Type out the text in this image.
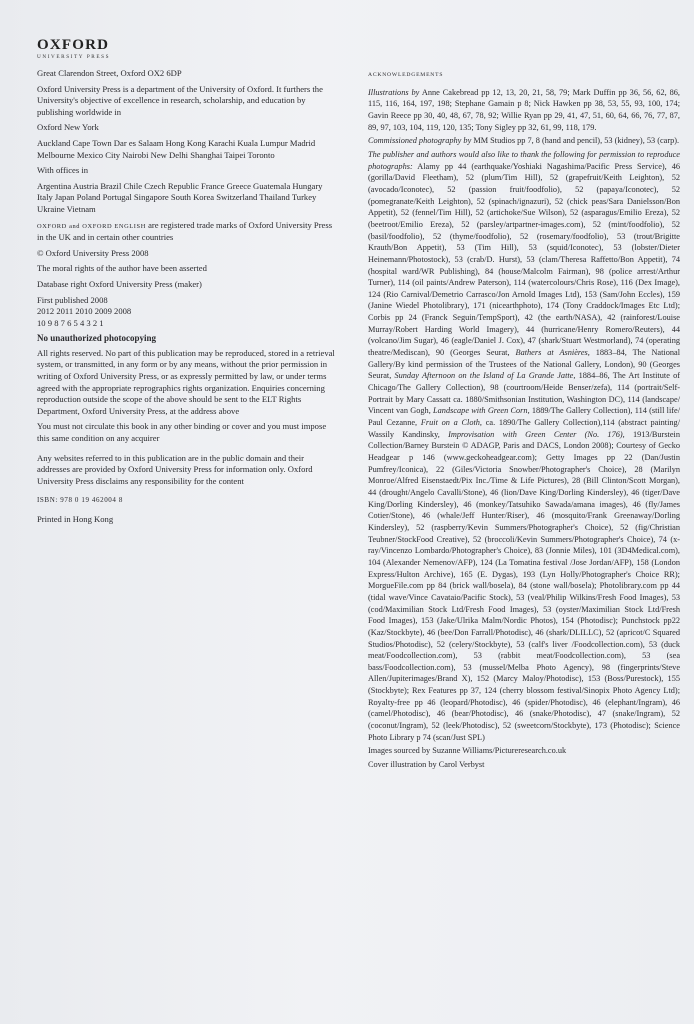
OXFORD
UNIVERSITY PRESS
Great Clarendon Street, Oxford OX2 6DP
Oxford University Press is a department of the University of Oxford. It furthers the University's objective of excellence in research, scholarship, and education by publishing worldwide in
Oxford New York
Auckland Cape Town Dar es Salaam Hong Kong Karachi Kuala Lumpur Madrid Melbourne Mexico City Nairobi New Delhi Shanghai Taipei Toronto
With offices in
Argentina Austria Brazil Chile Czech Republic France Greece Guatemala Hungary Italy Japan Poland Portugal Singapore South Korea Switzerland Thailand Turkey Ukraine Vietnam
OXFORD and OXFORD ENGLISH are registered trade marks of Oxford University Press in the UK and in certain other countries
© Oxford University Press 2008
The moral rights of the author have been asserted
Database right Oxford University Press (maker)
First published 2008
2012 2011 2010 2009 2008
10 9 8 7 6 5 4 3 2 1
No unauthorized photocopying
All rights reserved. No part of this publication may be reproduced, stored in a retrieval system, or transmitted, in any form or by any means, without the prior permission in writing of Oxford University Press, or as expressly permitted by law, or under terms agreed with the appropriate reprographics rights organization. Enquiries concerning reproduction outside the scope of the above should be sent to the ELT Rights Department, Oxford University Press, at the address above
You must not circulate this book in any other binding or cover and you must impose this same condition on any acquirer
Any websites referred to in this publication are in the public domain and their addresses are provided by Oxford University Press for information only. Oxford University Press disclaims any responsibility for the content
ISBN: 978 0 19 462004 8
Printed in Hong Kong
ACKNOWLEDGEMENTS
Illustrations by Anne Cakebread pp 12, 13, 20, 21, 58, 79; Mark Duffin pp 36, 56, 62, 86, 115, 116, 164, 197, 198; Stephane Gamain p 8; Nick Hawken pp 38, 53, 55, 93, 100, 174; Gavin Reece pp 30, 40, 48, 67, 78, 92; Willie Ryan pp 29, 41, 47, 51, 60, 64, 66, 76, 77, 87, 89, 97, 103, 104, 119, 120, 135; Tony Sigley pp 32, 61, 99, 118, 179.
Commissioned photography by MM Studios pp 7, 8 (hand and pencil), 53 (kidney), 53 (carp).
The publisher and authors would also like to thank the following for permission to reproduce photographs: Alamy pp 44 (earthquake/Yoshiaki Nagashima/Pacific Press Service), 46 (gorilla/David Fleetham), 52 (plum/Tim Hill), 52 (grapefruit/Keith Leighton), 52 (avocado/Iconotec), 52 (passion fruit/foodfolio), 52 (papaya/Iconotec), 52 (pomegranate/Keith Leighton), 52 (spinach/ignazuri), 52 (chick peas/Sara Danielsson/Bon Appetit), 52 (fennel/Tim Hill), 52 (artichoke/Sue Wilson), 52 (asparagus/Emilio Ereza), 52 (beetroot/Emilio Ereza), 52 (parsley/artpartner-images.com), 52 (mint/foodfolio), 52 (basil/foodfolio), 52 (thyme/foodfolio), 52 (rosemary/foodfolio), 53 (trout/Brigitte Krauth/Bon Appetit), 53 (Tim Hill), 53 (squid/Iconotec), 53 (lobster/Dieter Heinemann/Photostock), 53 (crab/D. Hurst), 53 (clam/Theresa Raffetto/Bon Appetit), 74 (hospital ward/WR Publishing), 84 (house/Malcolm Fairman), 98 (police arrest/Arthur Turner), 114 (oil paints/Andrew Paterson), 114 (watercolours/Chris Rose), 116 (Dex Image), 124 (Rio Carnival/Demetrio Carrasco/Jon Arnold Images Ltd), 153 (Sam/John Eccles), 159 (Janine Wiedel Photolibrary), 171 (nicearthphoto), 174 (Tony Craddock/Images Etc Ltd); Corbis pp 24 (Franck Seguin/TempSport), 42 (the earth/NASA), 42 (rainforest/Louise Murray/Robert Harding World Imagery), 44 (hurricane/Henry Romero/Reuters), 44 (volcano/Jim Sugar), 46 (eagle/Daniel J. Cox), 47 (shark/Stuart Westmorland), 74 (operating theatre/Mediscan), 90 (Georges Seurat, Bathers at Asnières, 1883–84, The National Gallery/By kind permission of the Trustees of the National Gallery, London), 90 (Georges Seurat, Sunday Afternoon on the Island of La Grande Jatte, 1884–86, The Art Institute of Chicago/The Gallery Collection), 98 (courtroom/Heide Benser/zefa), 114 (portrait/Self-Portrait by Mary Cassatt ca. 1880/Smithsonian Institution, Washington DC), 114 (landscape/ Vincent van Gogh, Landscape with Green Corn, 1889/The Gallery Collection), 114 (still life/ Paul Cezanne, Fruit on a Cloth, ca. 1890/The Gallery Collection),114 (abstract painting/ Wassily Kandinsky, Improvisation with Green Center (No. 176), 1913/Burstein Collection/Barney Burstein © ADAGP, Paris and DACS, London 2008); Courtesy of Gecko Headgear p 146 (www.geckoheadgear.com); Getty Images pp 22 (Dan/Justin Pumfrey/Iconica), 22 (Giles/Victoria Snowber/Photographer's Choice), 28 (Marilyn Monroe/Alfred Eisenstaedt/Pix Inc./Time & Life Pictures), 28 (Bill Clinton/Scott Morgan), 44 (drought/Angelo Cavalli/Stone), 46 (lion/Dave King/Dorling Kindersley), 46 (tiger/Dave King/Dorling Kindersley), 46 (monkey/Tatsuhiko Sawada/amana images), 46 (fly/James Cotier/Stone), 46 (whale/Jeff Hunter/Riser), 46 (mosquito/Frank Greenaway/Dorling Kindersley), 52 (raspberry/Kevin Summers/Photographer's Choice), 52 (fig/Christian Teubner/StockFood Creative), 52 (broccoli/Kevin Summers/Photographer's Choice), 74 (x-ray/Vincenzo Lombardo/Photographer's Choice), 83 (Jonnie Miles), 101 (3D4Medical.com), 104 (Alexander Nemenov/AFP), 124 (La Tomatina festival /Jose Jordan/AFP), 158 (London Express/Hulton Archive), 165 (E. Dygas), 193 (Lyn Holly/Photographer's Choice RR); MorgueFile.com pp 84 (brick wall/bosela), 84 (stone wall/bosela); Photolibrary.com pp 44 (tidal wave/Vince Cavataio/Pacific Stock), 53 (veal/Philip Wilkins/Fresh Food Images), 53 (cod/Maximilian Stock Ltd/Fresh Food Images), 53 (oyster/Maximilian Stock Ltd/Fresh Food Images), 153 (Jake/Ulrika Malm/Nordic Photos), 154 (Photodisc); Punchstock pp22 (Kaz/Stockbyte), 46 (bee/Don Farrall/Photodisc), 46 (shark/DLILLC), 52 (apricot/C Squared Studios/Photodisc), 52 (celery/Stockbyte), 53 (calf's liver /Foodcollection.com), 53 (duck meat/Foodcollection.com), 53 (rabbit meat/Foodcollection.com), 53 (sea bass/Foodcollection.com), 53 (mussel/Melba Photo Agency), 98 (fingerprints/Steve Allen/Jupiterimages/Brand X), 152 (Marcy Maloy/Photodisc), 153 (Boss/Purestock), 155 (Stockbyte); Rex Features pp 37, 124 (cherry blossom festival/Sinopix Photo Agency Ltd); Royalty-free pp 46 (leopard/Photodisc), 46 (spider/Photodisc), 46 (elephant/Ingram), 46 (camel/Photodisc), 46 (bear/Photodisc), 46 (snake/Photodisc), 47 (snake/Ingram), 52 (coconut/Ingram), 52 (leek/Photodisc), 52 (sweetcorn/Stockbyte), 173 (Photodisc); Science Photo Library p 74 (scan/Just SPL)
Images sourced by Suzanne Williams/Pictureresearch.co.uk
Cover illustration by Carol Verbyst
